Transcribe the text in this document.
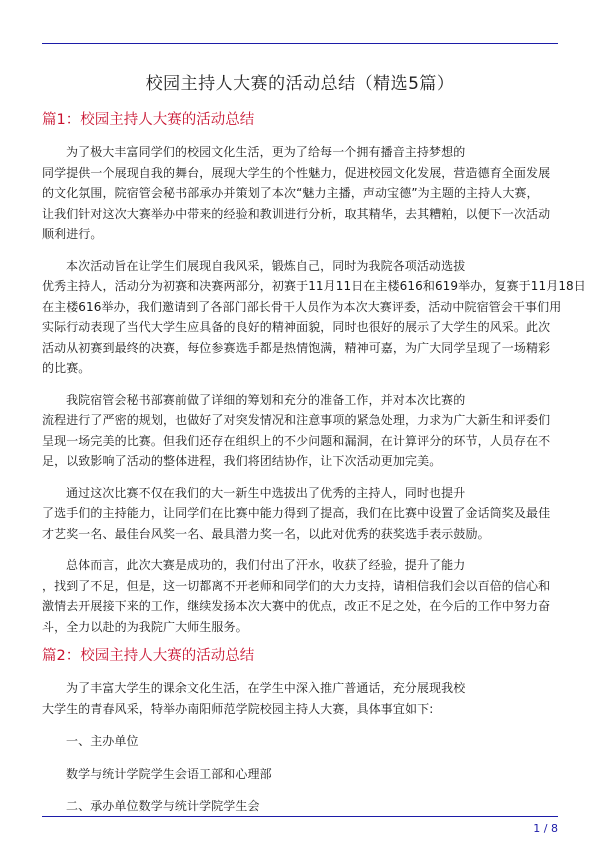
校园主持人大赛的活动总结（精选5篇）
篇1：校园主持人大赛的活动总结

为了极大丰富同学们的校园文化生活，更为了给每一个拥有播音主持梦想的
同学提供一个展现自我的舞台，展现大学生的个性魅力，促进校园文化发展，营造德育全面发展
的文化氛围，院宿管会秘书部承办并策划了本次“魅力主播，声动宝德”为主题的主持人大赛，
让我们针对这次大赛举办中带来的经验和教训进行分析，取其精华，去其糟粕，以便下一次活动
顺利进行。

本次活动旨在让学生们展现自我风采，锻炼自己，同时为我院各项活动选拔
优秀主持人，活动分为初赛和决赛两部分，初赛于11月11日在主楼616和619举办，复赛于11月18日
在主楼616举办，我们邀请到了各部门部长骨干人员作为本次大赛评委，活动中院宿管会干事们用
实际行动表现了当代大学生应具备的良好的精神面貌，同时也很好的展示了大学生的风采。此次
活动从初赛到最终的决赛，每位参赛选手都是热情饱满，精神可嘉，为广大同学呈现了一场精彩
的比赛。

我院宿管会秘书部赛前做了详细的筹划和充分的准备工作，并对本次比赛的
流程进行了严密的规划，也做好了对突发情况和注意事项的紧急处理，力求为广大新生和评委们
呈现一场完美的比赛。但我们还存在组织上的不少问题和漏洞，在计算评分的环节，人员存在不
足，以致影响了活动的整体进程，我们将团结协作，让下次活动更加完美。

通过这次比赛不仅在我们的大一新生中选拔出了优秀的主持人，同时也提升
了选手们的主持能力，让同学们在比赛中能力得到了提高，我们在比赛中设置了金话筒奖及最佳
才艺奖一名、最佳台风奖一名、最具潜力奖一名，以此对优秀的获奖选手表示鼓励。

总体而言，此次大赛是成功的，我们付出了汗水，收获了经验，提升了能力
，找到了不足，但是，这一切都离不开老师和同学们的大力支持，请相信我们会以百倍的信心和
激情去开展接下来的工作，继续发扬本次大赛中的优点，改正不足之处，在今后的工作中努力奋
斗，全力以赴的为我院广大师生服务。

篇2：校园主持人大赛的活动总结

为了丰富大学生的课余文化生活，在学生中深入推广普通话，充分展现我校
大学生的青春风采，特举办南阳师范学院校园主持人大赛，具体事宜如下:

一、主办单位

数学与统计学院学生会语工部和心理部

二、承办单位数学与统计学院学生会

1 / 8
